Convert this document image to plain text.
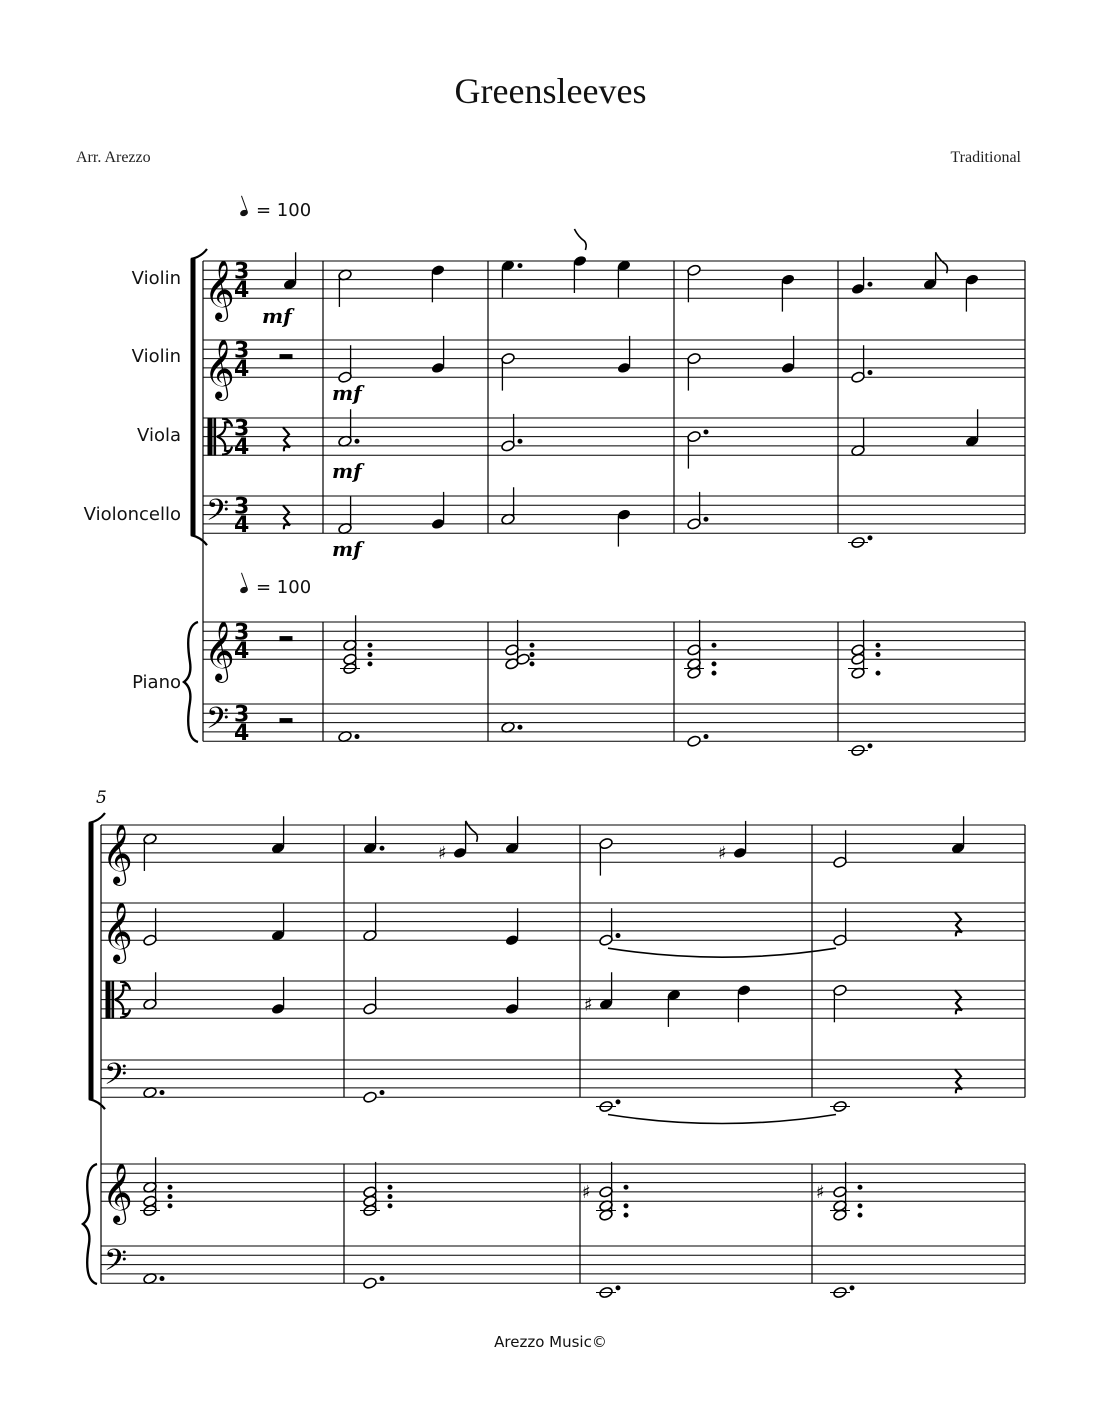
Greensleeves
Arr. Arezzo	Traditional
= 100
= 100
Violin
Violin
Viola
Violoncello
Piano
Arezzo Music©
𝄞 3
4
𝄞 3
4
3
4
𝄢 3
4
𝄞 3
4
𝄢 3
4
mf
mf
mf
mf
5
𝄞
𝄞
𝄢
𝄞
𝄢
♯	♯
♯
♯	♯
